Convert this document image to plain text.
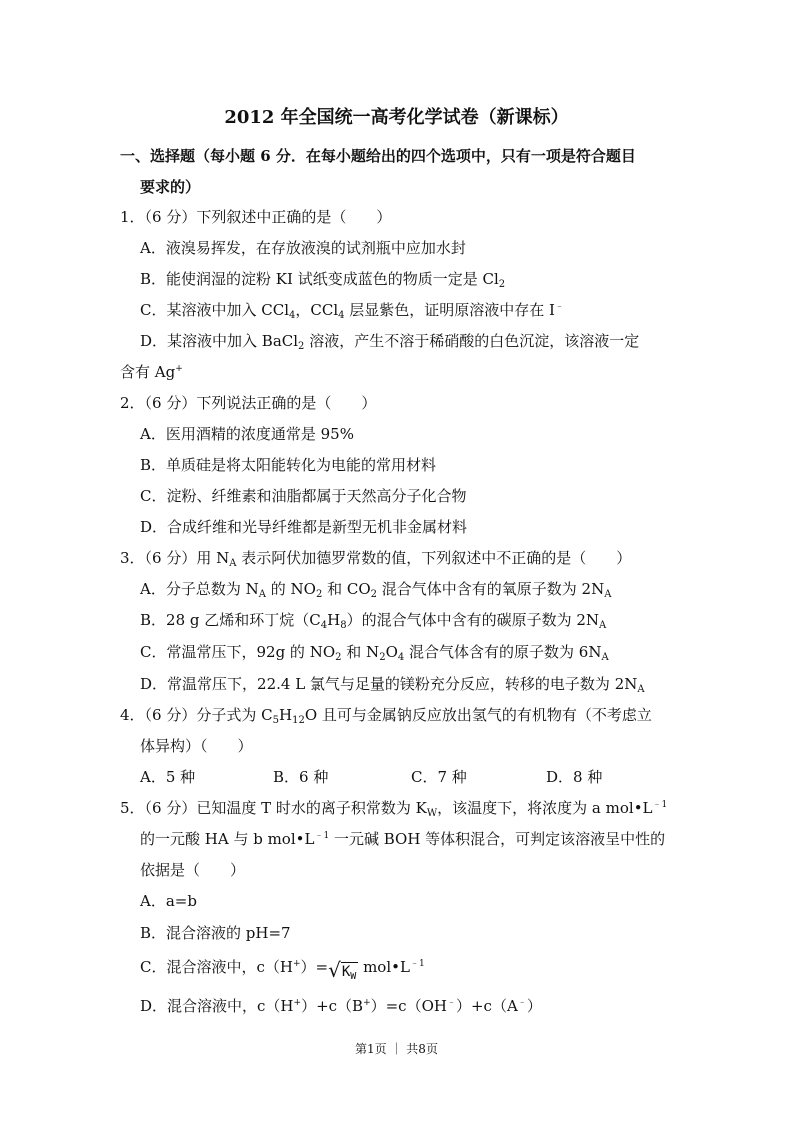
2012 年全国统一高考化学试卷（新课标）
一、选择题（每小题 6 分．在每小题给出的四个选项中，只有一项是符合题目
要求的）
1．（6 分）下列叙述中正确的是（　　）
A．液溴易挥发，在存放液溴的试剂瓶中应加水封
B．能使润湿的淀粉 KI 试纸变成蓝色的物质一定是 $Cl_2$
C．某溶液中加入 CCl$_4$，CCl$_4$ 层显紫色，证明原溶液中存在 I﹣
D．某溶液中加入 BaCl$_2$ 溶液，产生不溶于稀硝酸的白色沉淀，该溶液一定
含有 Ag+
2．（6 分）下列说法正确的是（　　）
A．医用酒精的浓度通常是 95%
B．单质硅是将太阳能转化为电能的常用材料
C．淀粉、纤维素和油脂都属于天然高分子化合物
D．合成纤维和光导纤维都是新型无机非金属材料
3．（6 分）用 $N_A$ 表示阿伏加德罗常数的值，下列叙述中不正确的是（　　）
A．分子总数为 $N_A$ 的 $NO_2$ 和 $CO_2$ 混合气体中含有的氧原子数为 $2N_A$
B．28 g 乙烯和环丁烷$(C_4H_8)$的混合气体中含有的碳原子数为 $2N_A$
C．常温常压下，92g 的 $NO_2$ 和 $N_2O_4$ 混合气体含有的原子数为 $6N_A$
D．常温常压下，22.4 L 氯气与足量的镁粉充分反应，转移的电子数为 $2N_A$
4．（6 分）分子式为 $C_5H_{12}O$ 且可与金属钠反应放出氢气的有机物有（不考虑立
体异构）（　　）
A．5 种	B．6 种	C．7 种	D．8 种
5．（6 分）已知温度 T 时水的离子积常数为 $K_W$，该温度下，将浓度为 a $mol•L^{﹣1}$
的一元酸 HA 与 b $mol•L^{﹣1}$ 一元碱 BOH 等体积混合，可判定该溶液呈中性的
依据是（　　）
A．a=b
B．混合溶液的 pH=7
C．混合溶液中，$c(H^+)=√K_W$ $mol•L^{﹣1}$
D．混合溶液中，c（H+）+c（B+）=c（OH﹣）+c（A﹣）
第1页 ｜ 共8页
